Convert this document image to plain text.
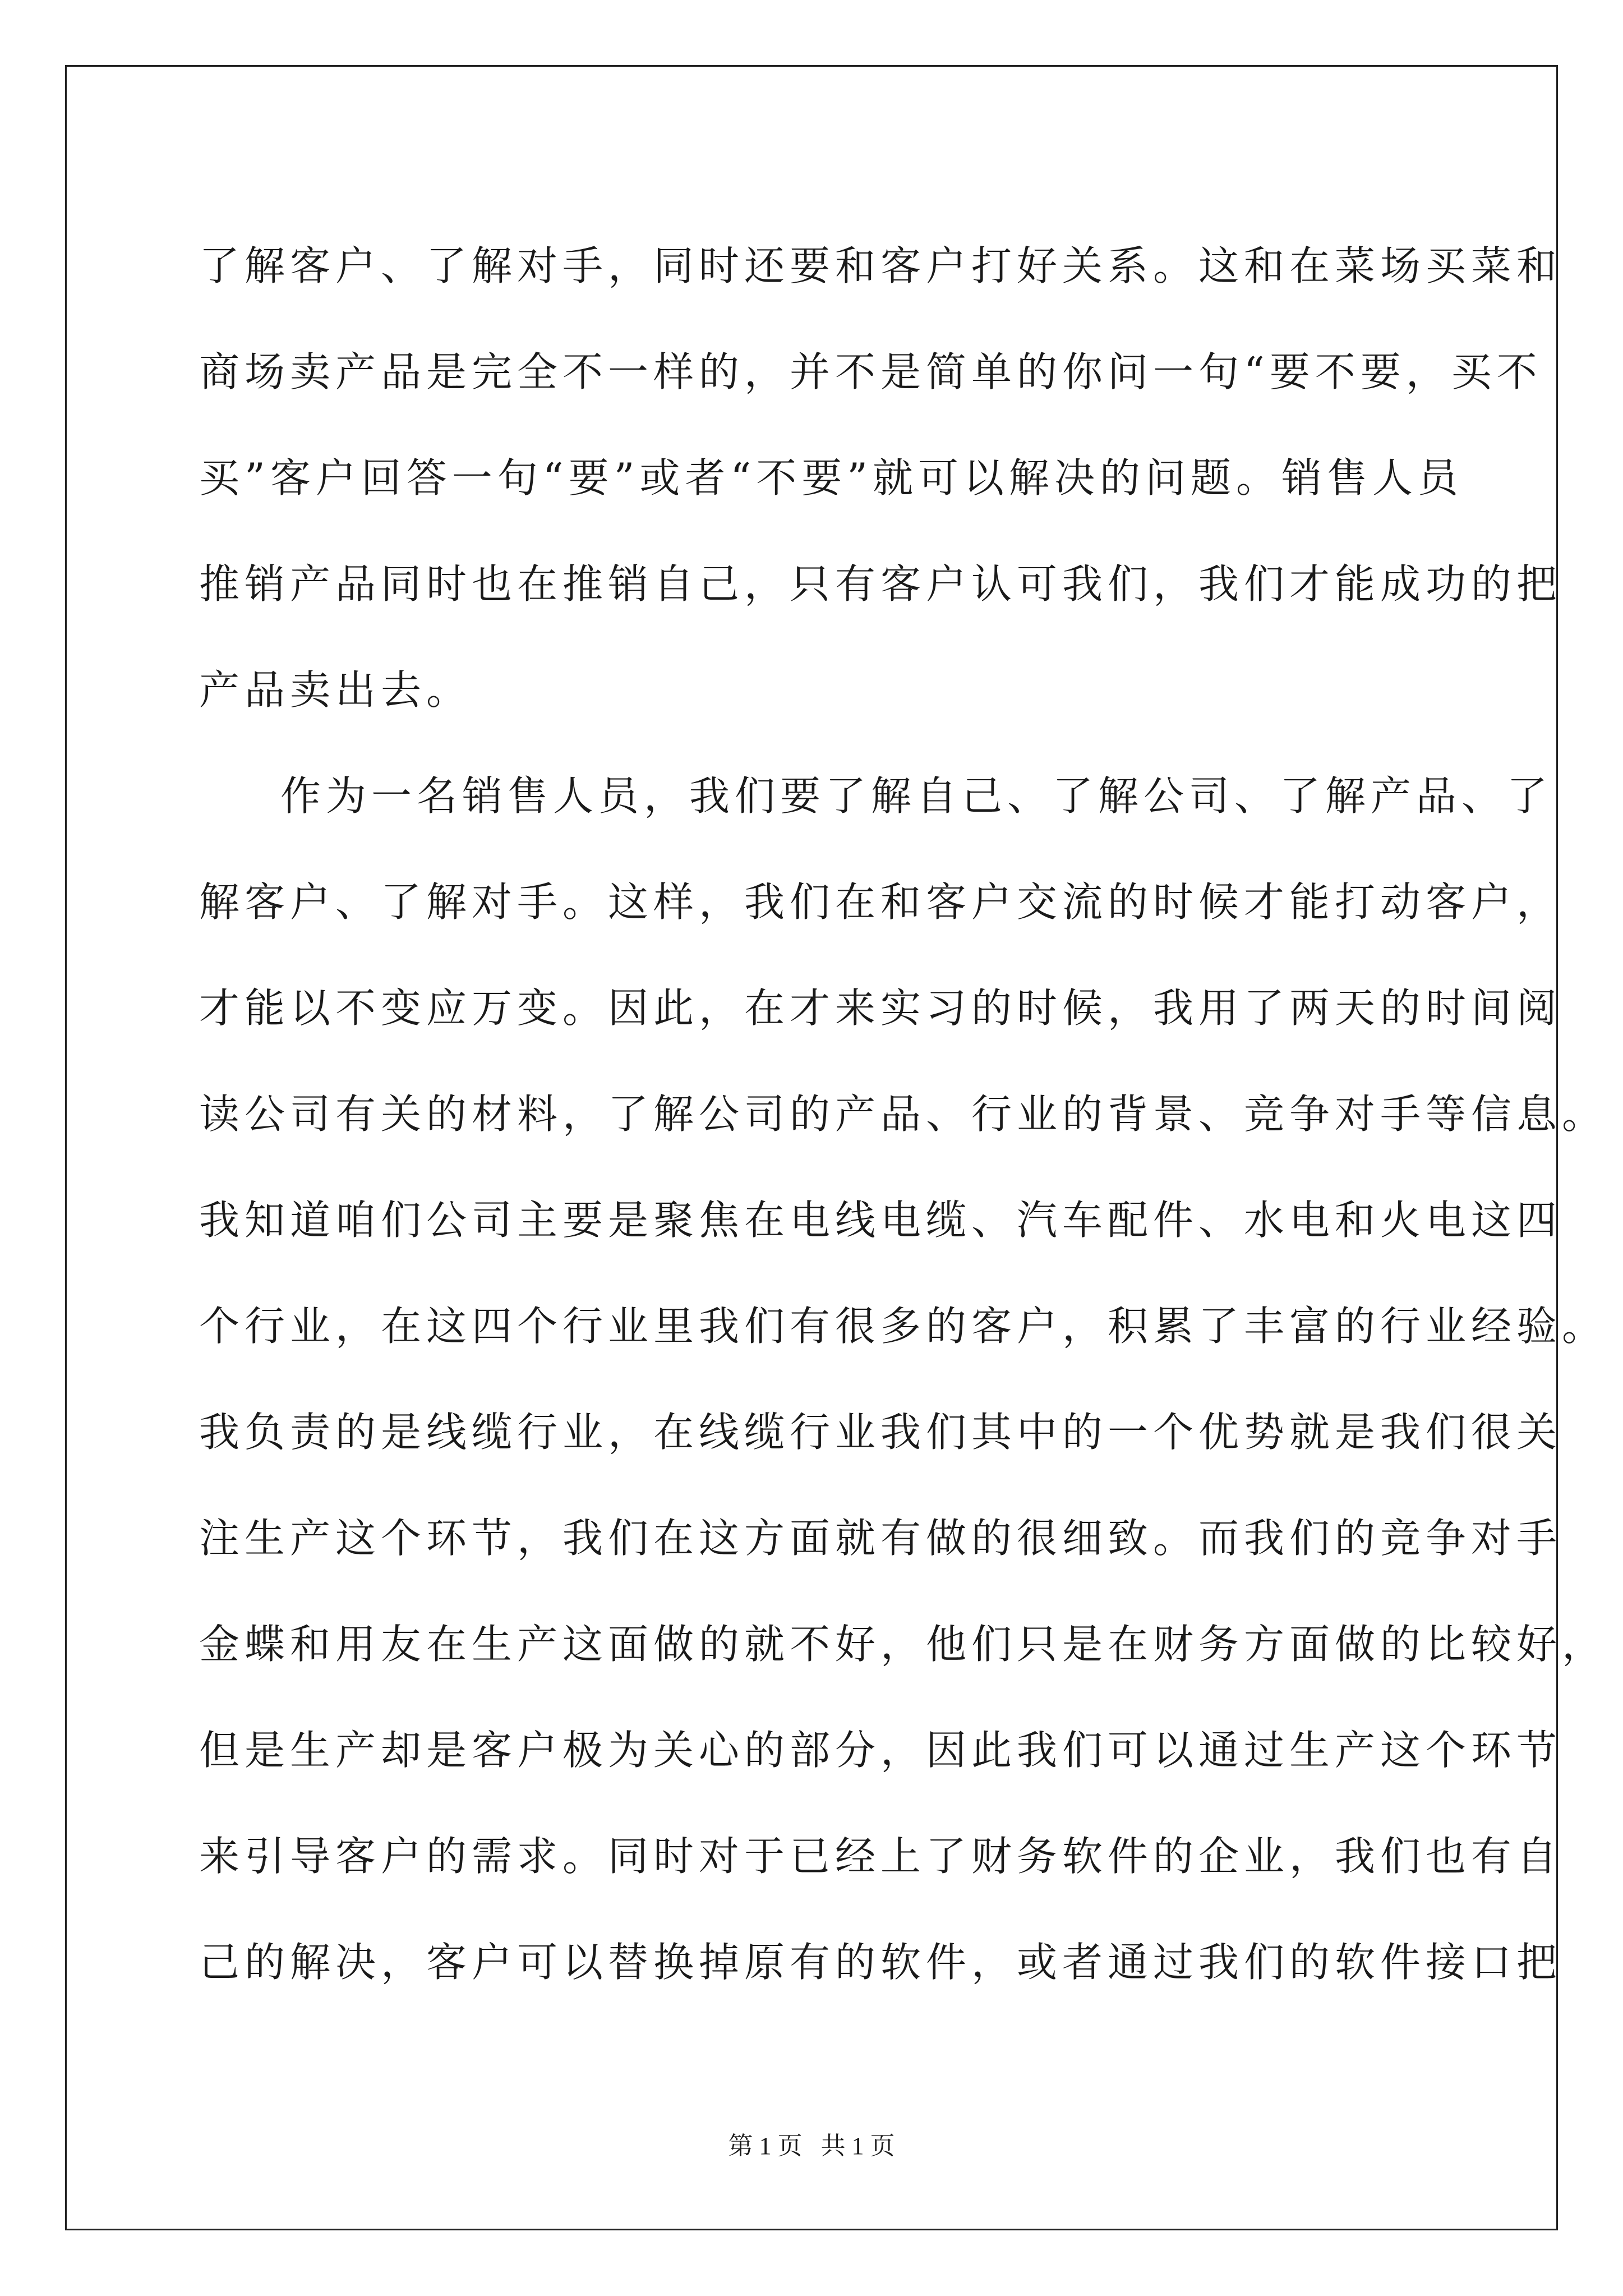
了解客户、了解对手，同时还要和客户打好关系。这和在菜场买菜和
商场卖产品是完全不一样的，并不是简单的你问一句“要不要，买不
买”客户回答一句“要”或者“不要”就可以解决的问题。销售人员
推销产品同时也在推销自己，只有客户认可我们，我们才能成功的把
产品卖出去。
作为一名销售人员，我们要了解自己、了解公司、了解产品、了
解客户、了解对手。这样，我们在和客户交流的时候才能打动客户，
才能以不变应万变。因此，在才来实习的时候，我用了两天的时间阅
读公司有关的材料，了解公司的产品、行业的背景、竞争对手等信息。
我知道咱们公司主要是聚焦在电线电缆、汽车配件、水电和火电这四
个行业，在这四个行业里我们有很多的客户，积累了丰富的行业经验。
我负责的是线缆行业，在线缆行业我们其中的一个优势就是我们很关
注生产这个环节，我们在这方面就有做的很细致。而我们的竞争对手
金蝶和用友在生产这面做的就不好，他们只是在财务方面做的比较好，
但是生产却是客户极为关心的部分，因此我们可以通过生产这个环节
来引导客户的需求。同时对于已经上了财务软件的企业，我们也有自
己的解决，客户可以替换掉原有的软件，或者通过我们的软件接口把
第 1 页   共 1 页
